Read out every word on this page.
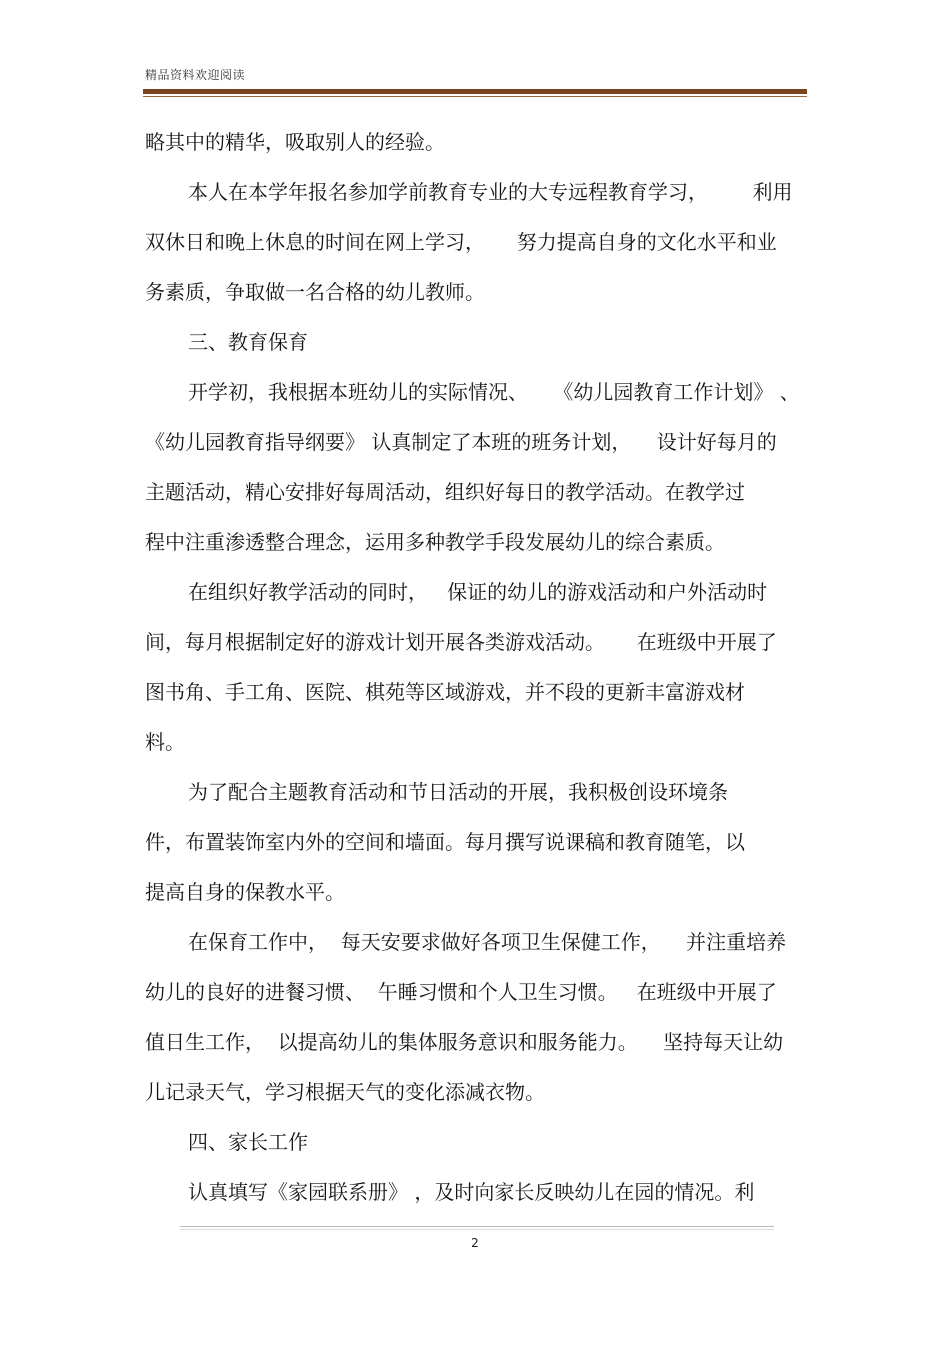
精品资料欢迎阅读
略其中的精华，吸取别人的经验。
本人在本学年报名参加学前教育专业的大专远程教育学习，       利用
双休日和晚上休息的时间在网上学习，     努力提高自身的文化水平和业
务素质，争取做一名合格的幼儿教师。
三、教育保育
开学初，我根据本班幼儿的实际情况、    《幼儿园教育工作计划》 、
《幼儿园教育指导纲要》 认真制定了本班的班务计划，    设计好每月的
主题活动，精心安排好每周活动，组织好每日的教学活动。在教学过
程中注重渗透整合理念，运用多种教学手段发展幼儿的综合素质。
在组织好教学活动的同时，   保证的幼儿的游戏活动和户外活动时
间，每月根据制定好的游戏计划开展各类游戏活动。     在班级中开展了
图书角、手工角、医院、棋苑等区域游戏，并不段的更新丰富游戏材
料。
为了配合主题教育活动和节日活动的开展，我积极创设环境条
件，布置装饰室内外的空间和墙面。每月撰写说课稿和教育随笔，以
提高自身的保教水平。
在保育工作中，  每天安要求做好各项卫生保健工作，    并注重培养
幼儿的良好的进餐习惯、  午睡习惯和个人卫生习惯。   在班级中开展了
值日生工作，  以提高幼儿的集体服务意识和服务能力。    坚持每天让幼
儿记录天气，学习根据天气的变化添减衣物。
四、家长工作
认真填写《家园联系册》 ，及时向家长反映幼儿在园的情况。利
2
